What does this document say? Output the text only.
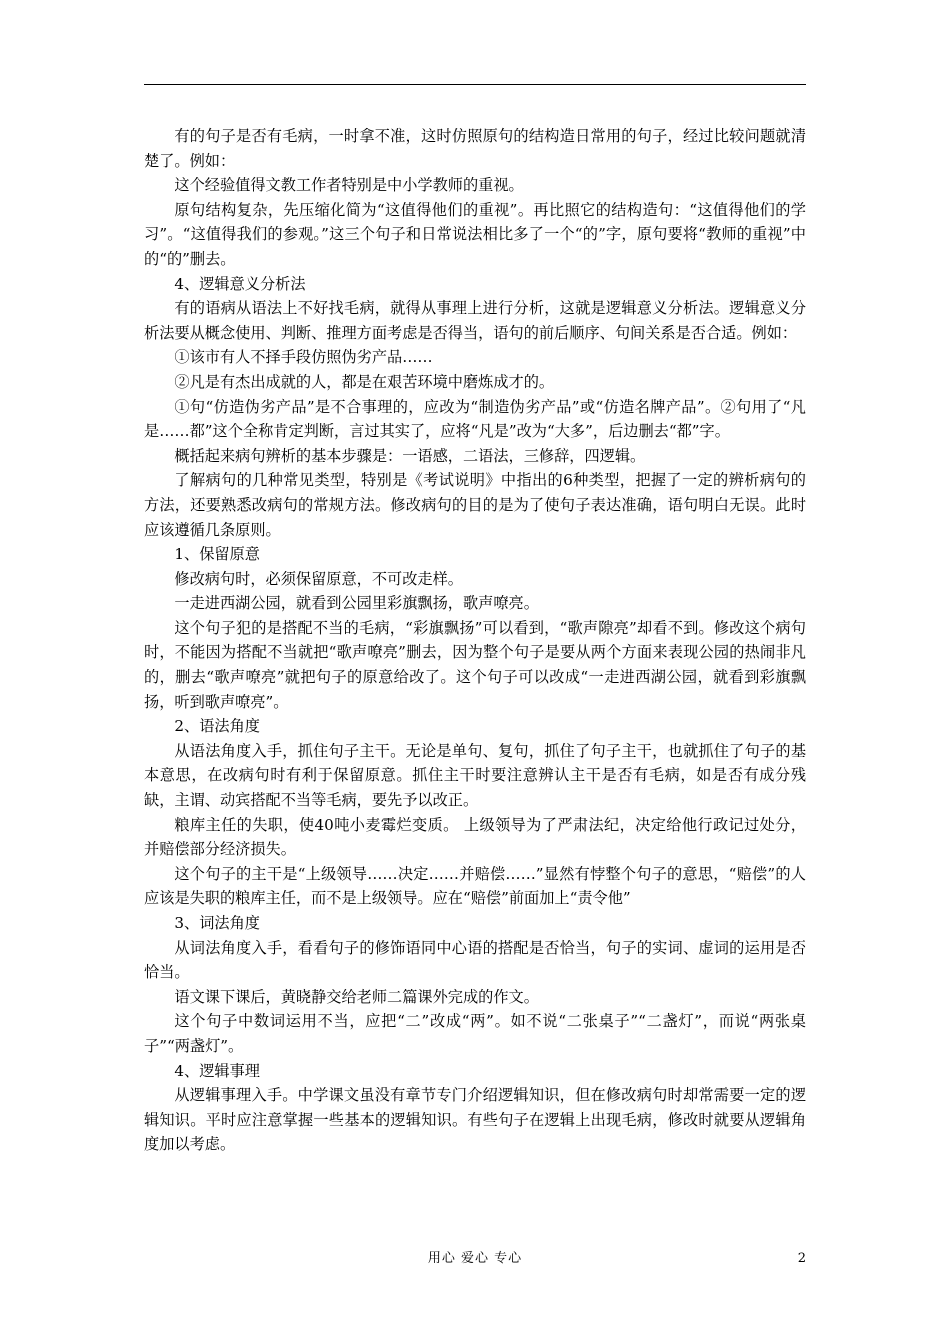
有的句子是否有毛病，一时拿不准，这时仿照原句的结构造日常用的句子，经过比较问题就清楚了。例如：

这个经验值得文教工作者特别是中小学教师的重视。

原句结构复杂，先压缩化简为“这值得他们的重视”。再比照它的结构造句：“这值得他们的学习”。“这值得我们的参观。”这三个句子和日常说法相比多了一个“的”字，原句要将“教师的重视”中的“的”删去。

4、逻辑意义分析法

有的语病从语法上不好找毛病，就得从事理上进行分析，这就是逻辑意义分析法。逻辑意义分析法要从概念使用、判断、推理方面考虑是否得当，语句的前后顺序、句间关系是否合适。例如：

①该市有人不择手段仿照伪劣产品……

②凡是有杰出成就的人，都是在艰苦环境中磨炼成才的。

①句“仿造伪劣产品”是不合事理的，应改为“制造伪劣产品”或“仿造名牌产品”。②句用了“凡是……都”这个全称肯定判断，言过其实了，应将“凡是”改为“大多”，后边删去“都”字。

概括起来病句辨析的基本步骤是：一语感，二语法，三修辞，四逻辑。

了解病句的几种常见类型，特别是《考试说明》中指出的6种类型，把握了一定的辨析病句的方法，还要熟悉改病句的常规方法。修改病句的目的是为了使句子表达准确，语句明白无误。此时应该遵循几条原则。

1、保留原意

修改病句时，必须保留原意，不可改走样。

一走进西湖公园，就看到公园里彩旗飘扬，歌声嘹亮。

这个句子犯的是搭配不当的毛病，“彩旗飘扬”可以看到，“歌声隙亮”却看不到。修改这个病句时，不能因为搭配不当就把“歌声嘹亮”删去，因为整个句子是要从两个方面来表现公园的热闹非凡的，删去“歌声嘹亮”就把句子的原意给改了。这个句子可以改成“一走进西湖公园，就看到彩旗飘扬，听到歌声嘹亮”。

2、语法角度

从语法角度入手，抓住句子主干。无论是单句、复句，抓住了句子主干，也就抓住了句子的基本意思，在改病句时有利于保留原意。抓住主干时要注意辨认主干是否有毛病，如是否有成分残缺，主谓、动宾搭配不当等毛病，要先予以改正。

粮库主任的失职，使40吨小麦霉烂变质。 上级领导为了严肃法纪，决定给他行政记过处分，并赔偿部分经济损失。

这个句子的主干是“上级领导……决定……并赔偿……”显然有悖整个句子的意思，“赔偿”的人应该是失职的粮库主任，而不是上级领导。应在“赔偿”前面加上“责令他”

3、词法角度

从词法角度入手，看看句子的修饰语同中心语的搭配是否恰当，句子的实词、虚词的运用是否恰当。

语文课下课后，黄晓静交给老师二篇课外完成的作文。

这个句子中数词运用不当，应把“二”改成“两”。如不说“二张桌子”“二盏灯”，而说“两张桌子”“两盏灯”。

4、逻辑事理

从逻辑事理入手。中学课文虽没有章节专门介绍逻辑知识，但在修改病句时却常需要一定的逻辑知识。平时应注意掌握一些基本的逻辑知识。有些句子在逻辑上出现毛病，修改时就要从逻辑角度加以考虑。

用心 爱心 专心	2
